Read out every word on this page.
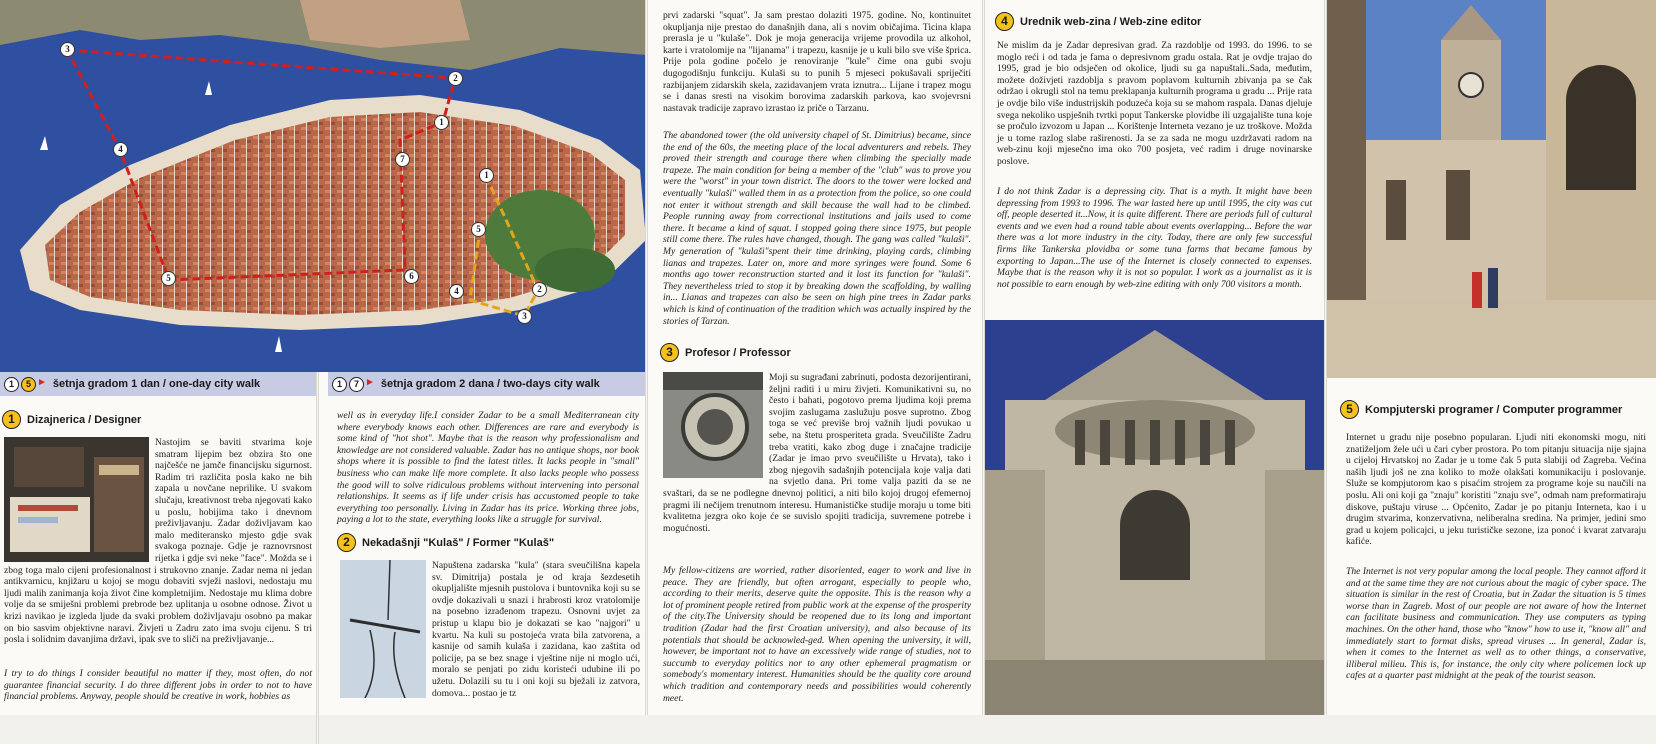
3
2
1
4
7
1
5
5	6
4	2
3
1	5 ► šetnja gradom 1 dan / one-day city walk	1	7 ► šetnja gradom 2 dana / two-days city walk
1	Dizajnerica / Designer
Nastojim se baviti stvarima koje smatram lijepim bez obzira što one najčešće ne jamče financijsku sigurnost. Radim tri različita posla kako ne bih zapala u novčane neprilike. U svakom slučaju, kreativnost treba njegovati kako u poslu, hobijima tako i dnevnom preživljavanju. Zadar doživljavam kao malo mediteransko mjesto gdje svak svakoga poznaje. Gdje je raznovrsnost rijetka i gdje svi neke "face". Možda se i zbog toga malo cijeni profesionalnost i strukovno znanje. Zadar nema ni jedan antikvarnicu, knjižaru u kojoj se mogu dobaviti svježi naslovi, nedostaju mu ljudi malih zanimanja koja život čine kompletnijim. Nedostaje mu klima dobre volje da se smiješni problemi prebrode bez uplitanja u osobne odnose. Život u krizi navikao je izgleda ljude da svaki problem doživljavaju osobno pa makar on bio sasvim objektivne naravi. Živjeti u Zadru zato ima svoju cijenu. S tri posla i solidnim davanjima državi, ipak sve to sliči na preživljavanje...
I try to do things I consider beautiful no matter if they, most often, do not guarantee financial security. I do three different jobs in order to not to have financial problems. Anyway, people should be creative in work, hobbies as
well as in everyday life.I consider Zadar to be a small Mediterranean city where everybody knows each other. Differences are rare and everybody is some kind of "hot shot". Maybe that is the reason why professionalism and knowledge are not considered valuable. Zadar has no antique shops, nor book shops where it is possible to find the latest titles. It lacks people in "small" business who can make life more complete. It also lacks people who possess the good will to solve ridiculous problems without intervening into personal relationships. It seems as if life under crisis has accustomed people to take everything too personally. Living in Zadar has its price. Working three jobs, paying a lot to the state, everything looks like a struggle for survival.
2	Nekadašnji "Kulaš" / Former "Kulaš"
Napuštena zadarska "kula" (stara sveučilišna kapela sv. Dimitrija) postala je od kraja šezdesetih okupljalište mjesnih pustolova i buntovnika koji su se ovdje dokazivali u snazi i hrabrosti kroz vratolomije na posebno izrađenom trapezu. Osnovni uvjet za pristup u klapu bio je dokazati se kao "najgori" u kvartu. Na kuli su postojeća vrata bila zatvorena, a kasnije od samih kulaša i zazidana, kao zaštita od policije, pa se bez snage i vještine nije ni moglo ući, moralo se penjati po zidu koristeći udubine ili po užetu. Dolazili su tu i oni koji su bježali iz zatvora, domova... postao je tz
prvi zadarski "squat". Ja sam prestao dolaziti 1975. godine. No, kontinuitet okupljanja nije prestao do današnjih dana, ali s novim običajima. Ticina klapa prerasla je u "kulaše". Dok je moja generacija vrijeme provodila uz alkohol, karte i vratolomije na "lijanama" i trapezu, kasnije je u kuli bilo sve više šprica. Prije pola godine počelo je renoviranje "kule" čime ona gubi svoju dugogodišnju funkciju. Kulaši su to punih 5 mjeseci pokušavali spriječiti razbijanjem zidarskih skela, zazidavanjem vrata iznutra... Lijane i trapez mogu se i danas sresti na visokim borovima zadarskih parkova, kao svojevrsni nastavak tradicije zapravo izrastao iz priče o Tarzanu.
The abandoned tower (the old university chapel of St. Dimitrius) became, since the end of the 60s, the meeting place of the local adventurers and rebels. They proved their strength and courage there when climbing the specially made trapeze. The main condition for being a member of the "club" was to prove you were the "worst" in your town district. The doors to the tower were locked and eventually "kulaši" walled them in as a protection from the police, so one could not enter it without strength and skill because the wall had to be climbed. People running away from correctional institutions and jails used to come there. It became a kind of squat. I stopped going there since 1975, but people still come there. The rules have changed, though. The gang was called "kulaši". My generation of "kulaši"spent their time drinking, playing cards, climbing lianas and trapezes. Later on, more and more syringes were found. Some 6 months ago tower reconstruction started and it lost its function for "kulaši". They nevertheless tried to stop it by breaking down the scaffolding, by walling in... Lianas and trapezes can also be seen on high pine trees in Zadar parks which is kind of continuation of the tradition which was actually inspired by the stories of Tarzan.
3	Profesor / Professor
Moji su sugrađani zabrinuti, podosta dezorijentirani, željni raditi i u miru živjeti. Komunikativni su, no često i bahati, pogotovo prema ljudima koji prema svojim zaslugama zaslužuju posve suprotno. Zbog toga se već previše broj važnih ljudi povukao u sebe, na štetu prosperiteta grada. Sveučilište Zadru treba vratiti, kako zbog duge i značajne tradicije (Zadar je imao prvo sveučilište u Hrvata), tako i zbog njegovih sadašnjih potencijala koje valja dati na svjetlo dana. Pri tome valja paziti da se ne svaštari, da se ne podlegne dnevnoj politici, a niti bilo kojoj drugoj efemernoj pragmi ili nečijem trenutnom interesu. Humanističke studije moraju u tome biti kvalitetna jezgra oko koje će se suvislo spojiti tradicija, suvremene potrebe i mogućnosti.
My fellow-citizens are worried, rather disoriented, eager to work and live in peace. They are friendly, but often arrogant, especially to people who, according to their merits, deserve quite the opposite. This is the reason why a lot of prominent people retired from public work at the expense of the prosperity of the city.The University should be reopened due to its long and important tradition (Zadar had the first Croatian university), and also because of its potentials that should be acknowled-ged. When opening the university, it will, however, be important not to have an excessively wide range of studies, not to succumb to everyday politics nor to any other ephemeral pragmatism or somebody's momentary interest. Humanities should be the quality core around which tradition and contemporary needs and possibilities would coherently meet.
4	Urednik web-zina / Web-zine editor
Ne mislim da je Zadar depresivan grad. Za razdoblje od 1993. do 1996. to se moglo reći i od tada je fama o depresivnom gradu ostala. Rat je ovdje trajao do 1995, grad je bio odsječen od okolice, ljudi su ga napuštali..Sada, međutim, možete doživjeti razdoblja s pravom poplavom kulturnih zbivanja pa se čak održao i okrugli stol na temu preklapanja kulturnih programa u gradu ... Prije rata je ovdje bilo više industrijskih poduzeća koja su se mahom raspala. Danas djeluje svega nekoliko uspješnih tvrtki poput Tankerske plovidbe ili uzgajalište tuna koje se pročulo izvozom u Japan ... Korištenje Interneta vezano je uz troškove. Možda je u tome razlog slabe raširenosti. Ja se za sada ne mogu uzdržavati radom na web-zinu koji mjesečno ima oko 700 posjeta, već radim i druge novinarske poslove.
I do not think Zadar is a depressing city. That is a myth. It might have been depressing from 1993 to 1996. The war lasted here up until 1995, the city was cut off, people deserted it...Now, it is quite different. There are periods full of cultural events and we even had a round table about events overlapping... Before the war there was a lot more industry in the city. Today, there are only few successful firms like Tankerska plovidba or some tuna farms that became famous by exporting to Japan...The use of the Internet is closely connected to expenses. Maybe that is the reason why it is not so popular. I work as a journalist as it is not possible to earn enough by web-zine editing with only 700 visitors a month.
5	Kompjuterski programer / Computer programmer
Internet u gradu nije posebno popularan. Ljudi niti ekonomski mogu, niti znatiželjom žele ući u čari cyber prostora. Po tom pitanju situacija nije sjajna u cijeloj Hrvatskoj no Zadar je u tome čak 5 puta slabiji od Zagreba. Većina naših ljudi još ne zna koliko to može olakšati komunikaciju i poslovanje. Služe se kompjutorom kao s pisaćim strojem za programe koje su naučili na poslu. Ali oni koji ga "znaju" koristiti "znaju sve", odmah nam preformatiraju diskove, puštaju viruse ... Općenito, Zadar je po pitanju Interneta, kao i u drugim stvarima, konzervativna, neliberalna sredina. Na primjer, jedini smo grad u kojem policajci, u jeku turističke sezone, iza ponoć i kvarat zatvaraju kafiće.
The Internet is not very popular among the local people. They cannot afford it and at the same time they are not curious about the magic of cyber space. The situation is similar in the rest of Croatia, but in Zadar the situation is 5 times worse than in Zagreb. Most of our people are not aware of how the Internet can facilitate business and communication. They use computers as typing machines. On the other hand, those who "know" how to use it, "know all" and immediately start to format disks, spread viruses ... In general, Zadar is, when it comes to the Internet as well as to other things, a conservative, illiberal milieu. This is, for instance, the only city where policemen lock up cafes at a quarter past midnight at the peak of the tourist season.
